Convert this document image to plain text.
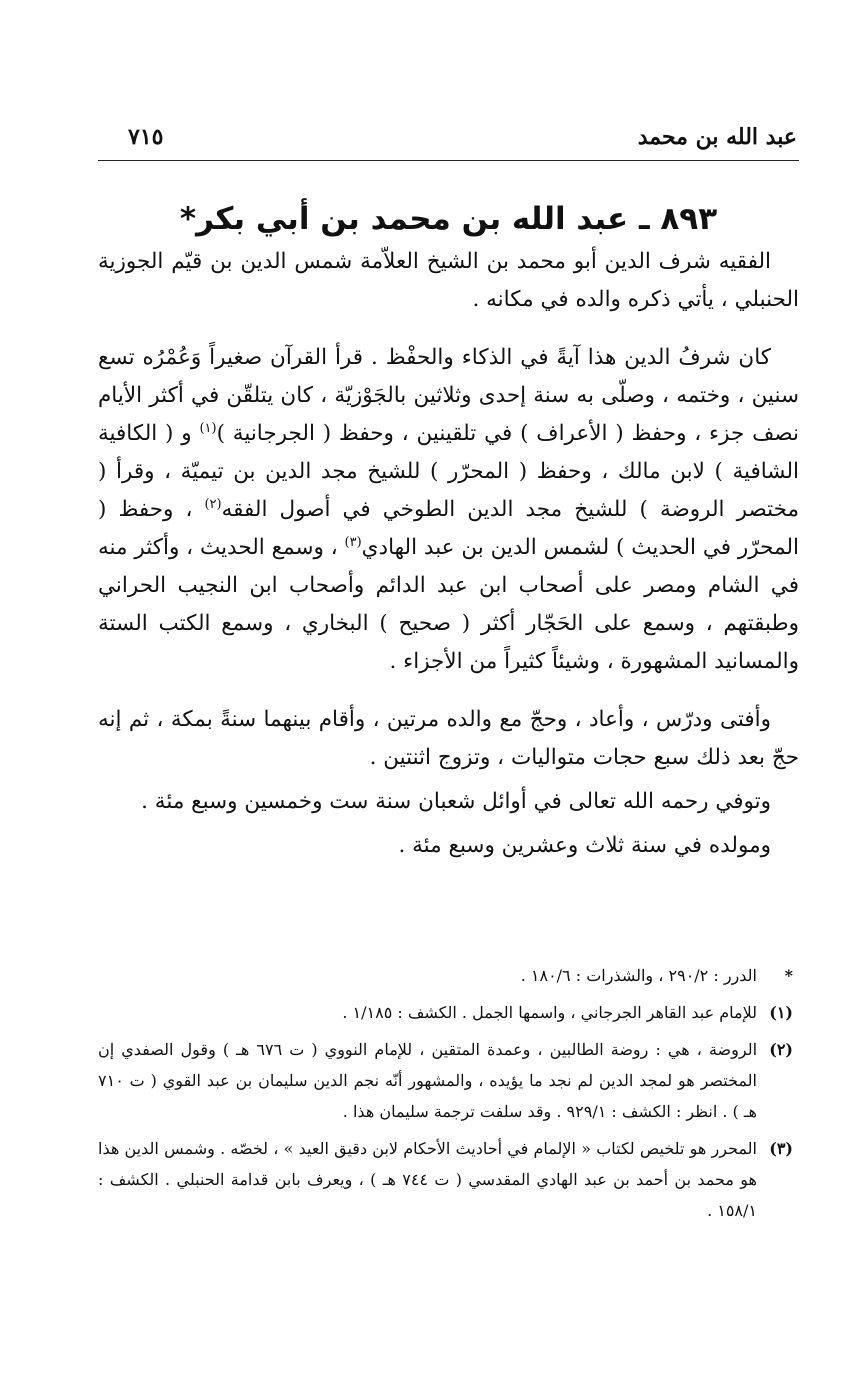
عبد الله بن محمد
٧١٥
٨٩٣ ـ عبد الله بن محمد بن أبي بكر*

الفقيه شرف الدين أبو محمد بن الشيخ العلاّمة شمس الدين بن قيّم الجوزية الحنبلي ، يأتي ذكره والده في مكانه .

كان شرفُ الدين هذا آيةً في الذكاء والحفْظ . قرأ القرآن صغيراً وَعُمْرُه تسع سنين ، وختمه ، وصلّى به سنة إحدى وثلاثين بالجَوْزيّة ، كان يتلقّن في أكثر الأيام نصف جزء ، وحفظ ( الأعراف ) في تلقينين ، وحفظ ( الجرجانية )$^{(١)}$ و ( الكافية الشافية ) لابن مالك ، وحفظ ( المحرّر ) للشيخ مجد الدين بن تيميّة ، وقرأ ( مختصر الروضة ) للشيخ مجد الدين الطوخي في أصول الفقه$^{(٢)}$ ، وحفظ ( المحرّر في الحديث ) لشمس الدين بن عبد الهادي$^{(٣)}$ ، وسمع الحديث ، وأكثر منه في الشام ومصر على أصحاب ابن عبد الدائم وأصحاب ابن النجيب الحراني وطبقتهم ، وسمع على الحَجّار أكثر ( صحيح ) البخاري ، وسمع الكتب الستة والمسانيد المشهورة ، وشيئاً كثيراً من الأجزاء .

وأفتى ودرّس ، وأعاد ، وحجّ مع والده مرتين ، وأقام بينهما سنةً بمكة ، ثم إنه حجّ بعد ذلك سبع حجات متواليات ، وتزوج اثنتين .

وتوفي رحمه الله تعالى في أوائل شعبان سنة ست وخمسين وسبع مئة .

ومولده في سنة ثلاث وعشرين وسبع مئة .

*
الدرر : ٢٩٠/٢ ، والشذرات : ١٨٠/٦ .
(١)
للإمام عبد القاهر الجرجاني ، واسمها الجمل . الكشف : ١/١٨٥ .
(٢)
الروضة ، هي : روضة الطالبين ، وعمدة المتقين ، للإمام النووي ( ت ٦٧٦ هـ ) وقول الصفدي إن المختصر هو لمجد الدين لم نجد ما يؤيده ، والمشهور أنّه نجم الدين سليمان بن عبد القوي ( ت ٧١٠ هـ ) . انظر : الكشف : ٩٢٩/١ . وقد سلفت ترجمة سليمان هذا .
(٣)
المحرر هو تلخيص لكتاب « الإلمام في أحاديث الأحكام لابن دقيق العيد » ، لخصّه . وشمس الدين هذا هو محمد بن أحمد بن عبد الهادي المقدسي ( ت ٧٤٤ هـ ) ، ويعرف بابن قدامة الحنبلي . الكشف : ١٥٨/١ .
